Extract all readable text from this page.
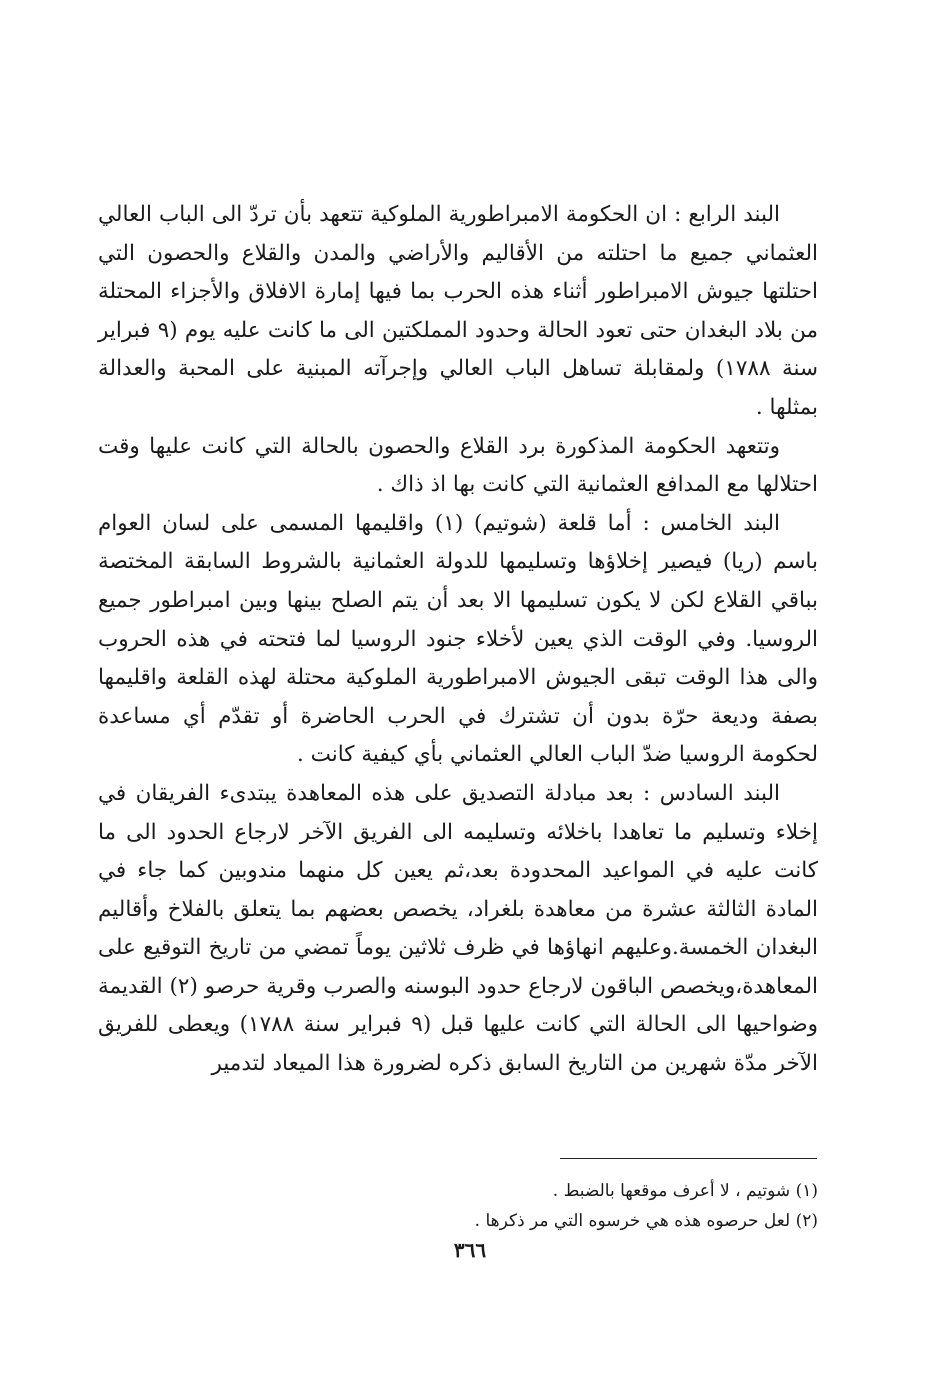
البند الرابع : ان الحكومة الامبراطورية الملوكية تتعهد بأن تردّ الى الباب العالي العثماني جميع ما احتلته من الأقاليم والأراضي والمدن والقلاع والحصون التي احتلتها جيوش الامبراطور أثناء هذه الحرب بما فيها إمارة الافلاق والأجزاء المحتلة من بلاد البغدان حتى تعود الحالة وحدود المملكتين الى ما كانت عليه يوم (٩ فبراير سنة ١٧٨٨) ولمقابلة تساهل الباب العالي وإجرآته المبنية على المحبة والعدالة بمثلها .

وتتعهد الحكومة المذكورة برد القلاع والحصون بالحالة التي كانت عليها وقت احتلالها مع المدافع العثمانية التي كانت بها اذ ذاك .

البند الخامس : أما قلعة (شوتيم) (١) واقليمها المسمى على لسان العوام باسم (ريا) فيصير إخلاؤها وتسليمها للدولة العثمانية بالشروط السابقة المختصة بباقي القلاع لكن لا يكون تسليمها الا بعد أن يتم الصلح بينها وبين امبراطور جميع الروسيا. وفي الوقت الذي يعين لأخلاء جنود الروسيا لما فتحته في هذه الحروب والى هذا الوقت تبقى الجيوش الامبراطورية الملوكية محتلة لهذه القلعة واقليمها بصفة وديعة حرّة بدون أن تشترك في الحرب الحاضرة أو تقدّم أي مساعدة لحكومة الروسيا ضدّ الباب العالي العثماني بأي كيفية كانت .

البند السادس : بعد مبادلة التصديق على هذه المعاهدة يبتدىء الفريقان في إخلاء وتسليم ما تعاهدا باخلائه وتسليمه الى الفريق الآخر لارجاع الحدود الى ما كانت عليه في المواعيد المحدودة بعد،ثم يعين كل منهما مندوبين كما جاء في المادة الثالثة عشرة من معاهدة بلغراد، يخصص بعضهم بما يتعلق بالفلاخ وأقاليم البغدان الخمسة.وعليهم انهاؤها في ظرف ثلاثين يوماً تمضي من تاريخ التوقيع على المعاهدة،ويخصص الباقون لارجاع حدود البوسنه والصرب وقرية حرصو (٢) القديمة وضواحيها الى الحالة التي كانت عليها قبل (٩ فبراير سنة ١٧٨٨) ويعطى للفريق الآخر مدّة شهرين من التاريخ السابق ذكره لضرورة هذا الميعاد لتدمير

(١) شوتيم ، لا أعرف موقعها بالضبط .

(٢) لعل حرصوه هذه هي خرسوه التي مر ذكرها .

٣٦٦
